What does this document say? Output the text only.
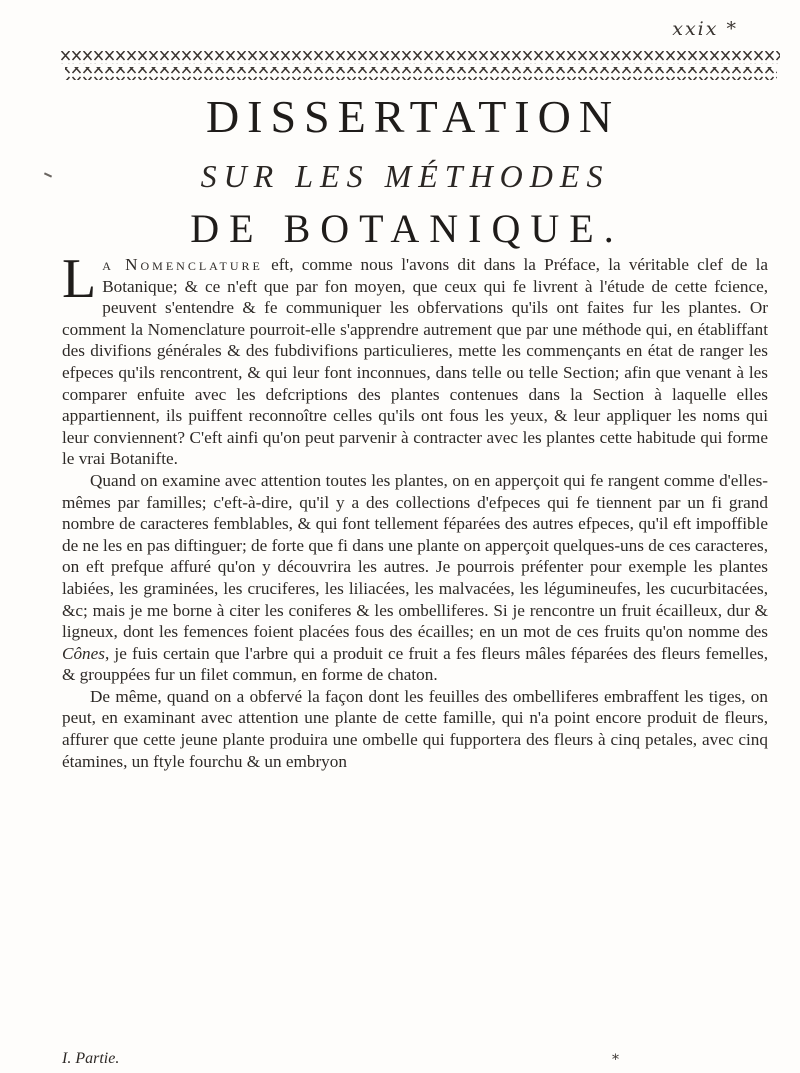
xxix *
DISSERTATION
SUR LES MÉTHODES
DE BOTANIQUE.

La Nomenclature eft, comme nous l'avons dit dans la Préface, la véritable clef de la Botanique; & ce n'eft que par fon moyen, que ceux qui fe livrent à l'étude de cette fcience, peuvent s'entendre & fe communiquer les obfervations qu'ils ont faites fur les plantes. Or comment la Nomenclature pourroit-elle s'apprendre autrement que par une méthode qui, en établiffant des divifions générales & des fubdivifions particulieres, mette les commençants en état de ranger les efpeces qu'ils rencontrent, & qui leur font inconnues, dans telle ou telle Section; afin que venant à les comparer enfuite avec les defcriptions des plantes contenues dans la Section à laquelle elles appartiennent, ils puiffent reconnoître celles qu'ils ont fous les yeux, & leur appliquer les noms qui leur conviennent? C'eft ainfi qu'on peut parvenir à contracter avec les plantes cette habitude qui forme le vrai Botanifte.

Quand on examine avec attention toutes les plantes, on en apperçoit qui fe rangent comme d'elles-mêmes par familles; c'eft-à-dire, qu'il y a des collections d'efpeces qui fe tiennent par un fi grand nombre de caracteres femblables, & qui font tellement féparées des autres efpeces, qu'il eft impoffible de ne les en pas diftinguer; de forte que fi dans une plante on apperçoit quelques-uns de ces caracteres, on eft prefque affuré qu'on y découvrira les autres. Je pourrois préfenter pour exemple les plantes labiées, les graminées, les cruciferes, les liliacées, les malvacées, les légumineufes, les cucurbitacées, &c; mais je me borne à citer les coniferes & les ombelliferes. Si je rencontre un fruit écailleux, dur & ligneux, dont les femences foient placées fous des écailles; en un mot de ces fruits qu'on nomme des Cônes, je fuis certain que l'arbre qui a produit ce fruit a fes fleurs mâles féparées des fleurs femelles, & grouppées fur un filet commun, en forme de chaton.

De même, quand on a obfervé la façon dont les feuilles des ombelliferes embraffent les tiges, on peut, en examinant avec attention une plante de cette famille, qui n'a point encore produit de fleurs, affurer que cette jeune plante produira une ombelle qui fupportera des fleurs à cinq petales, avec cinq étamines, un ftyle fourchu & un embryon

I. Partie.	*
